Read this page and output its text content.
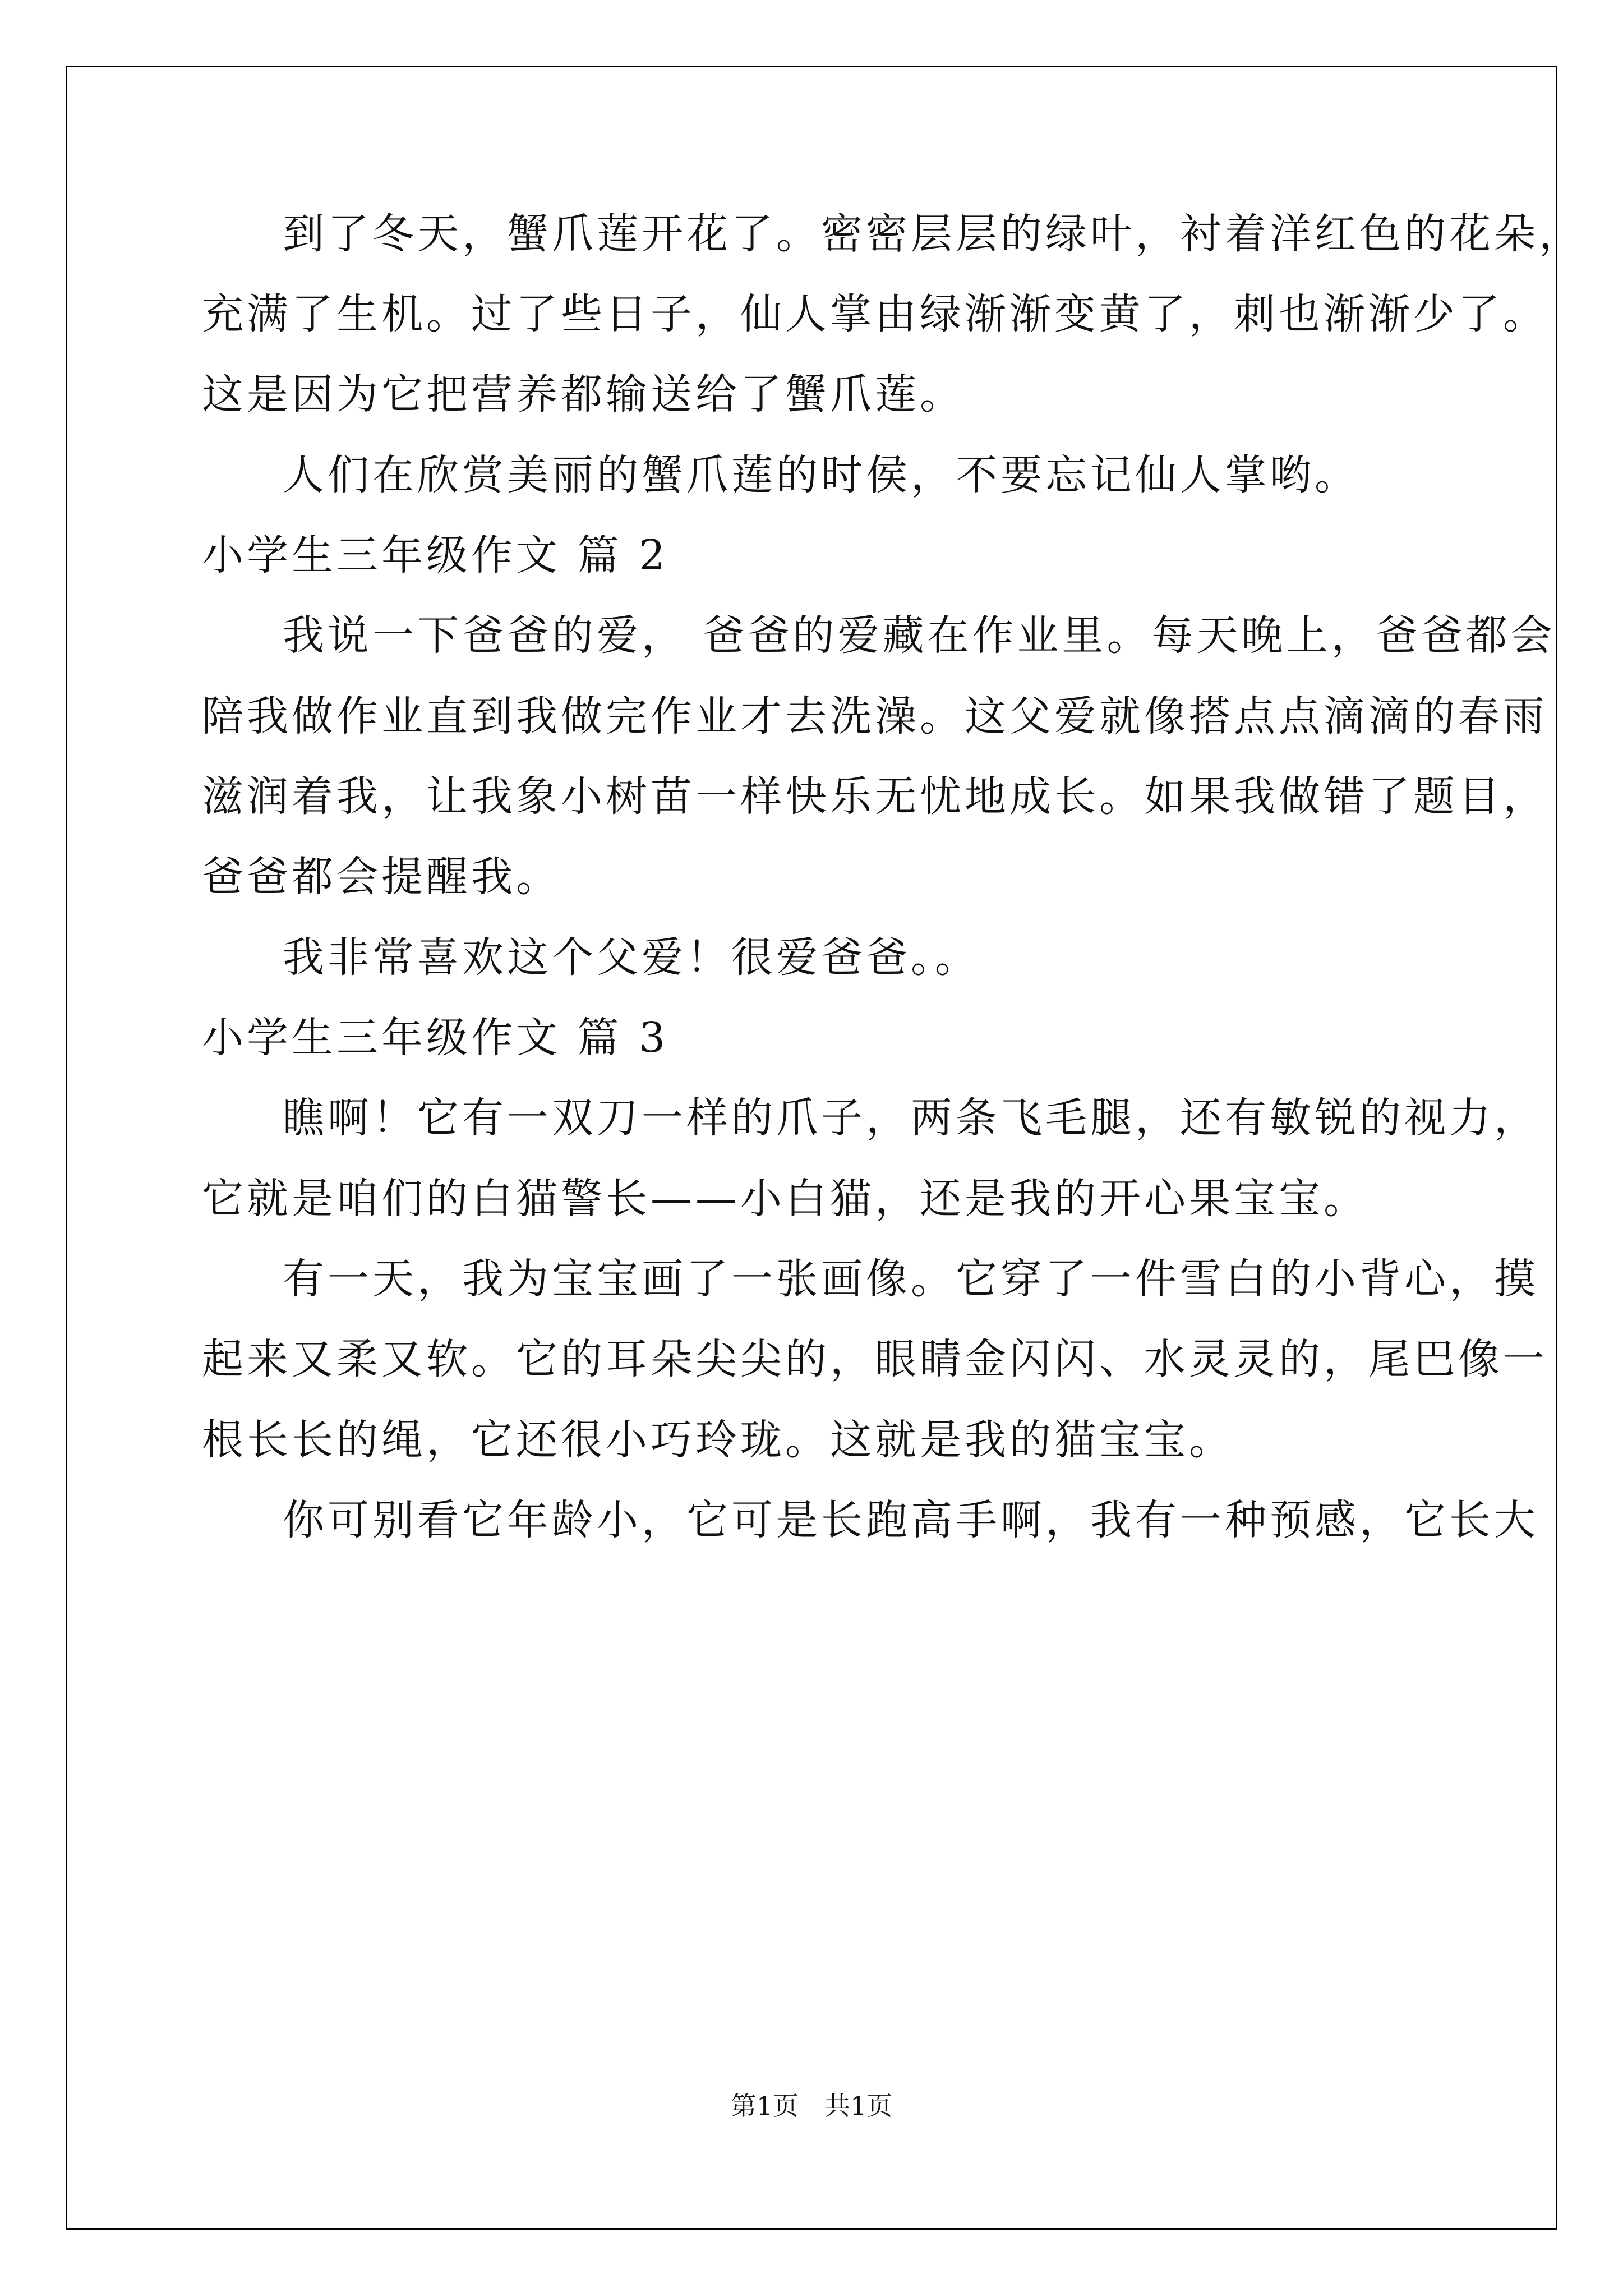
到了冬天，蟹爪莲开花了。密密层层的绿叶，衬着洋红色的花朵，

充满了生机。过了些日子，仙人掌由绿渐渐变黄了，刺也渐渐少了。

这是因为它把营养都输送给了蟹爪莲。

人们在欣赏美丽的蟹爪莲的时侯，不要忘记仙人掌哟。

小学生三年级作文 篇 2

我说一下爸爸的爱， 爸爸的爱藏在作业里。每天晚上，爸爸都会

陪我做作业直到我做完作业才去洗澡。这父爱就像搭点点滴滴的春雨

滋润着我，让我象小树苗一样快乐无忧地成长。如果我做错了题目，

爸爸都会提醒我。

我非常喜欢这个父爱！很爱爸爸。。

小学生三年级作文 篇 3

瞧啊！它有一双刀一样的爪子，两条飞毛腿，还有敏锐的视力，

它就是咱们的白猫警长——小白猫，还是我的开心果宝宝。

有一天，我为宝宝画了一张画像。它穿了一件雪白的小背心，摸

起来又柔又软。它的耳朵尖尖的，眼睛金闪闪、水灵灵的，尾巴像一

根长长的绳，它还很小巧玲珑。这就是我的猫宝宝。

你可别看它年龄小，它可是长跑高手啊，我有一种预感，它长大

第1页　共1页
